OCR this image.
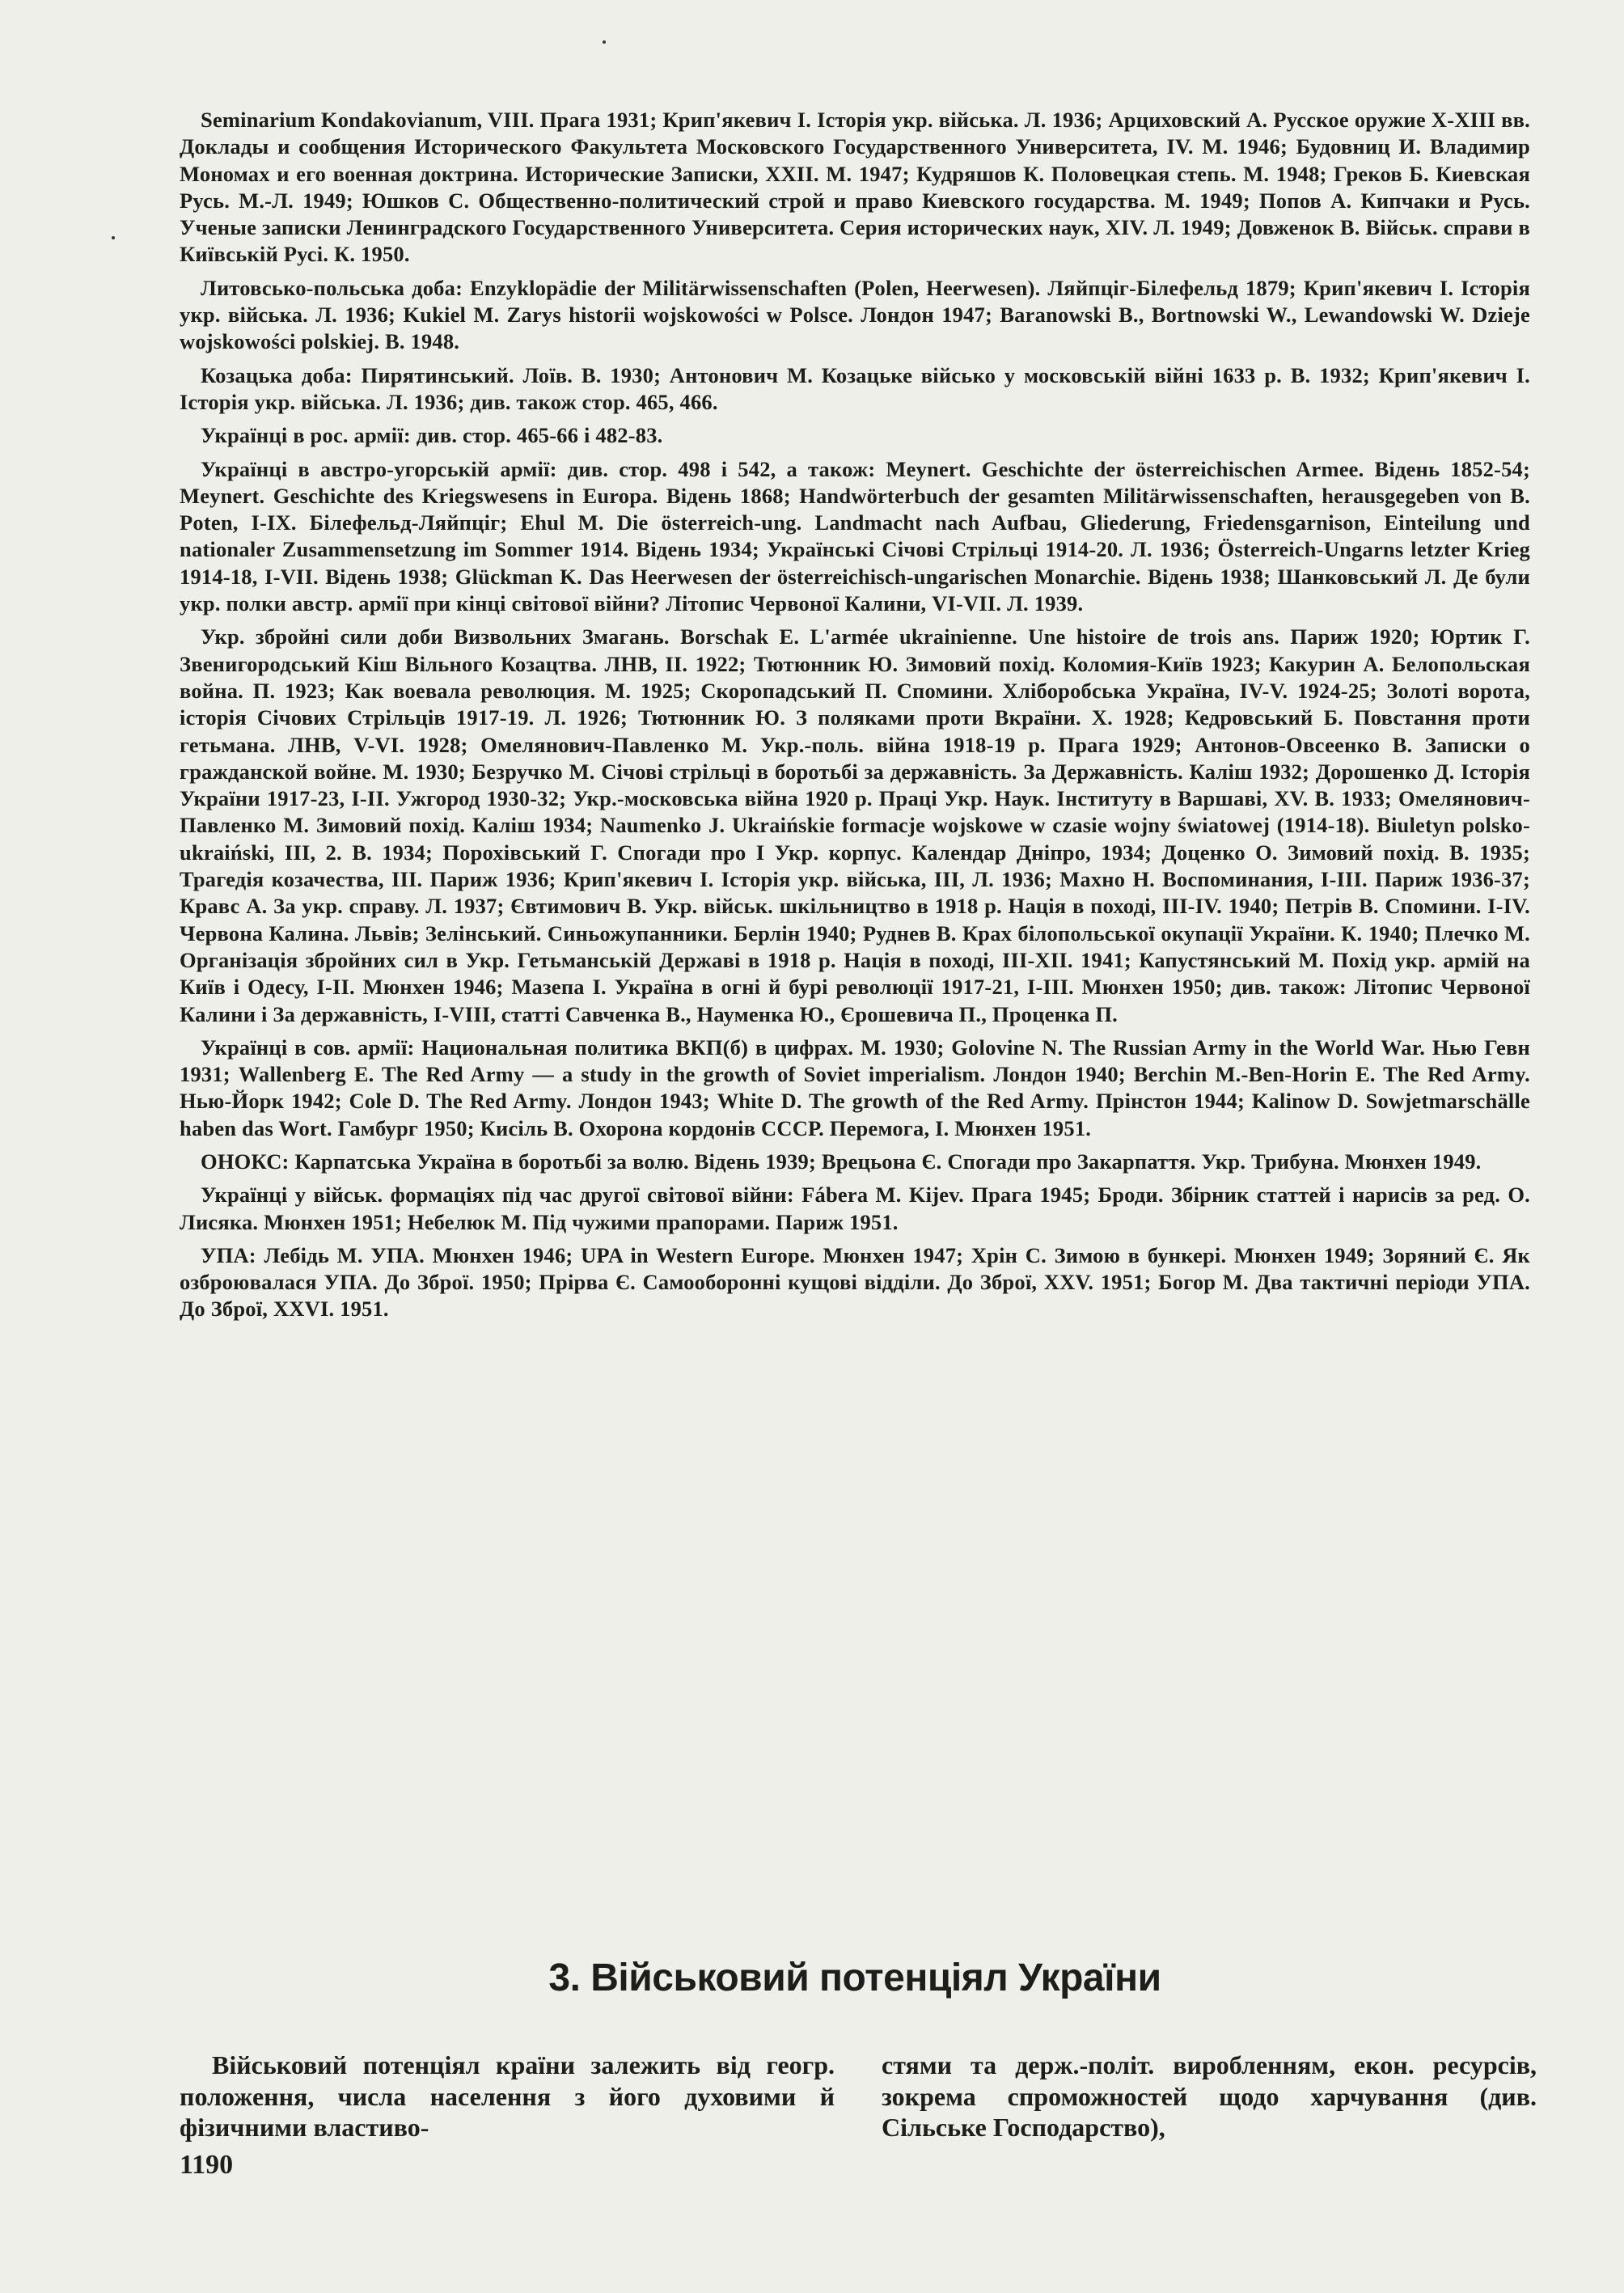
Seminarium Kondakovianum, VIII. Прага 1931; Крип'якевич I. Історія укр. війська. Л. 1936; Арциховский А. Русское оружие X-XIII вв. Доклады и сообщения Исторического Факультета Московского Государственного Университета, IV. М. 1946; Будовниц И. Владимир Мономах и его военная доктрина. Исторические Записки, XXII. М. 1947; Кудряшов К. Половецкая степь. М. 1948; Греков Б. Киевская Русь. М.-Л. 1949; Юшков С. Общественно-политический строй и право Киевского государства. М. 1949; Попов А. Кипчаки и Русь. Ученые записки Ленинградского Государственного Университета. Серия исторических наук, XIV. Л. 1949; Довженок В. Військ. справи в Київській Русі. К. 1950.

Литовсько-польська доба: Enzyklopädie der Militärwissenschaften (Polen, Heerwesen). Ляйпціг-Білефельд 1879; Крип'якевич I. Історія укр. війська. Л. 1936; Kukiel M. Zarys historii wojskowości w Polsce. Лондон 1947; Baranowski B., Bortnowski W., Lewandowski W. Dzieje wojskowości polskiej. B. 1948.

Козацька доба: Пирятинський. Лоїв. В. 1930; Антонович М. Козацьке військо у московській війні 1633 р. В. 1932; Крип'якевич I. Історія укр. війська. Л. 1936; див. також стор. 465, 466.

Українці в рос. армії: див. стор. 465-66 і 482-83.

Українці в австро-угорській армії: див. стор. 498 і 542, а також: Meynert. Geschichte der österreichischen Armee. Відень 1852-54; Meynert. Geschichte des Kriegswesens in Europa. Відень 1868; Handwörterbuch der gesamten Militärwissenschaften, herausgegeben von B. Poten, I-IX. Білефельд-Ляйпціг; Ehul M. Die österreich-ung. Landmacht nach Aufbau, Gliederung, Friedensgarnison, Einteilung und nationaler Zusammensetzung im Sommer 1914. Відень 1934; Українські Січові Стрільці 1914-20. Л. 1936; Österreich-Ungarns letzter Krieg 1914-18, I-VII. Відень 1938; Glückman K. Das Heerwesen der österreichisch-ungarischen Monarchie. Відень 1938; Шанковський Л. Де були укр. полки австр. армії при кінці світової війни? Літопис Червоної Калини, VI-VII. Л. 1939.

Укр. збройні сили доби Визвольних Змагань. Borschak E. L'armée ukrainienne. Une histoire de trois ans. Париж 1920; Юртик Г. Звенигородський Кіш Вільного Козацтва. ЛНВ, II. 1922; Тютюнник Ю. Зимовий похід. Коломия-Київ 1923; Какурин А. Белопольская война. П. 1923; Как воевала революция. М. 1925; Скоропадський П. Спомини. Хліборобська Україна, IV-V. 1924-25; Золоті ворота, історія Січових Стрільців 1917-19. Л. 1926; Тютюнник Ю. З поляками проти Вкраїни. Х. 1928; Кедровський Б. Повстання проти гетьмана. ЛНВ, V-VI. 1928; Омелянович-Павленко М. Укр.-поль. війна 1918-19 р. Прага 1929; Антонов-Овсеенко В. Записки о гражданской войне. М. 1930; Безручко М. Січові стрільці в боротьбі за державність. За Державність. Каліш 1932; Дорошенко Д. Історія України 1917-23, I-II. Ужгород 1930-32; Укр.-московська війна 1920 р. Праці Укр. Наук. Інституту в Варшаві, XV. В. 1933; Омелянович-Павленко М. Зимовий похід. Каліш 1934; Naumenko J. Ukraińskie formacje wojskowe w czasie wojny światowej (1914-18). Biuletyn polsko-ukraiński, III, 2. B. 1934; Порохівський Г. Спогади про I Укр. корпус. Календар Дніпро, 1934; Доценко О. Зимовий похід. В. 1935; Трагедія козачества, III. Париж 1936; Крип'якевич I. Історія укр. війська, III, Л. 1936; Махно Н. Воспоминания, I-III. Париж 1936-37; Кравс А. За укр. справу. Л. 1937; Євтимович В. Укр. військ. шкільництво в 1918 р. Нація в поході, III-IV. 1940; Петрів В. Спомини. I-IV. Червона Калина. Львів; Зелінський. Синьожупанники. Берлін 1940; Руднев В. Крах білопольської окупації України. К. 1940; Плечко М. Організація збройних сил в Укр. Гетьманській Державі в 1918 р. Нація в поході, III-XII. 1941; Капустянський М. Похід укр. армій на Київ і Одесу, I-II. Мюнхен 1946; Мазепа I. Україна в огні й бурі революції 1917-21, I-III. Мюнхен 1950; див. також: Літопис Червоної Калини і За державність, I-VIII, статті Савченка В., Науменка Ю., Єрошевича П., Проценка П.

Українці в сов. армії: Национальная политика ВКП(б) в цифрах. М. 1930; Golovine N. The Russian Army in the World War. Нью Гевн 1931; Wallenberg E. The Red Army — a study in the growth of Soviet imperialism. Лондон 1940; Berchin M.-Ben-Horin E. The Red Army. Нью-Йорк 1942; Cole D. The Red Army. Лондон 1943; White D. The growth of the Red Army. Прінстон 1944; Kalinow D. Sowjetmarschälle haben das Wort. Гамбург 1950; Кисіль В. Охорона кордонів СССР. Перемога, I. Мюнхен 1951.

ОНОКС: Карпатська Україна в боротьбі за волю. Відень 1939; Врецьона Є. Спогади про Закарпаття. Укр. Трибуна. Мюнхен 1949.

Українці у військ. формаціях під час другої світової війни: Fábera M. Kijev. Прага 1945; Броди. Збірник статтей і нарисів за ред. О. Лисяка. Мюнхен 1951; Небелюк М. Під чужими прапорами. Париж 1951.

УПА: Лебідь М. УПА. Мюнхен 1946; UPA in Western Europe. Мюнхен 1947; Хрін С. Зимою в бункері. Мюнхен 1949; Зоряний Є. Як озброювалася УПА. До Зброї. 1950; Прірва Є. Самооборонні кущові відділи. До Зброї, XXV. 1951; Богор М. Два тактичні періоди УПА. До Зброї, XXVI. 1951.

3. Військовий потенціял України

Військовий потенціял країни залежить від геогр. положення, числа населення з його духовими й фізичними властиво-

стями та держ.-політ. виробленням, екон. ресурсів, зокрема спроможностей щодо харчування (див. Сільське Господарство),

1190
